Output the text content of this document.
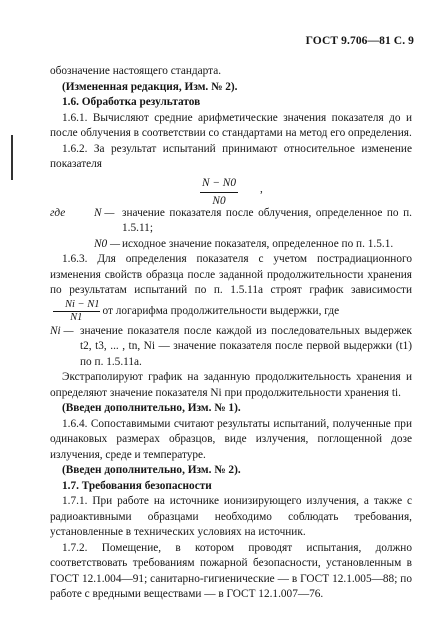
ГОСТ 9.706—81 С. 9

обозначение настоящего стандарта.

(Измененная редакция, Изм. № 2).

1.6. Обработка результатов

1.6.1. Вычисляют средние арифметические значения показателя до и после облучения в соответствии со стандартами на метод его определения.

1.6.2. За результат испытаний принимают относительное изменение показателя

N − N0
N0
,
где	N — значение показателя после облучения, определенное по п. 1.5.11;
N0 — исходное значение показателя, определенное по п. 1.5.1.

1.6.3. Для определения показателя с учетом пострадиационного изменения свойств образца после заданной продолжительности хранения по результатам испытаний по п. 1.5.11а строят график $зависимости\frac{Ni - N1}{N1}$ от логарифма продолжительности выдержки, где

Ni — значение показателя после каждой из последовательных выдержек t2, t3, ... , tn, Ni — значение показателя после первой выдержки (t1) по п. 1.5.11а.

Экстраполируют график на заданную продолжительность хранения и определяют значение показателя Ni при продолжительности хранения ti.

(Введен дополнительно, Изм. № 1).

1.6.4. Сопоставимыми считают результаты испытаний, полученные при одинаковых размерах образцов, виде излучения, поглощенной дозе излучения, среде и температуре.

(Введен дополнительно, Изм. № 2).

1.7. Требования безопасности

1.7.1. При работе на источнике ионизирующего излучения, а также с радиоактивными образцами необходимо соблюдать требования, установленные в технических условиях на источник.

1.7.2. Помещение, в котором проводят испытания, должно соответствовать требованиям пожарной безопасности, установленным в ГОСТ 12.1.004—91; санитарно-гигиенические — в ГОСТ 12.1.005—88; по работе с вредными веществами — в ГОСТ 12.1.007—76.
